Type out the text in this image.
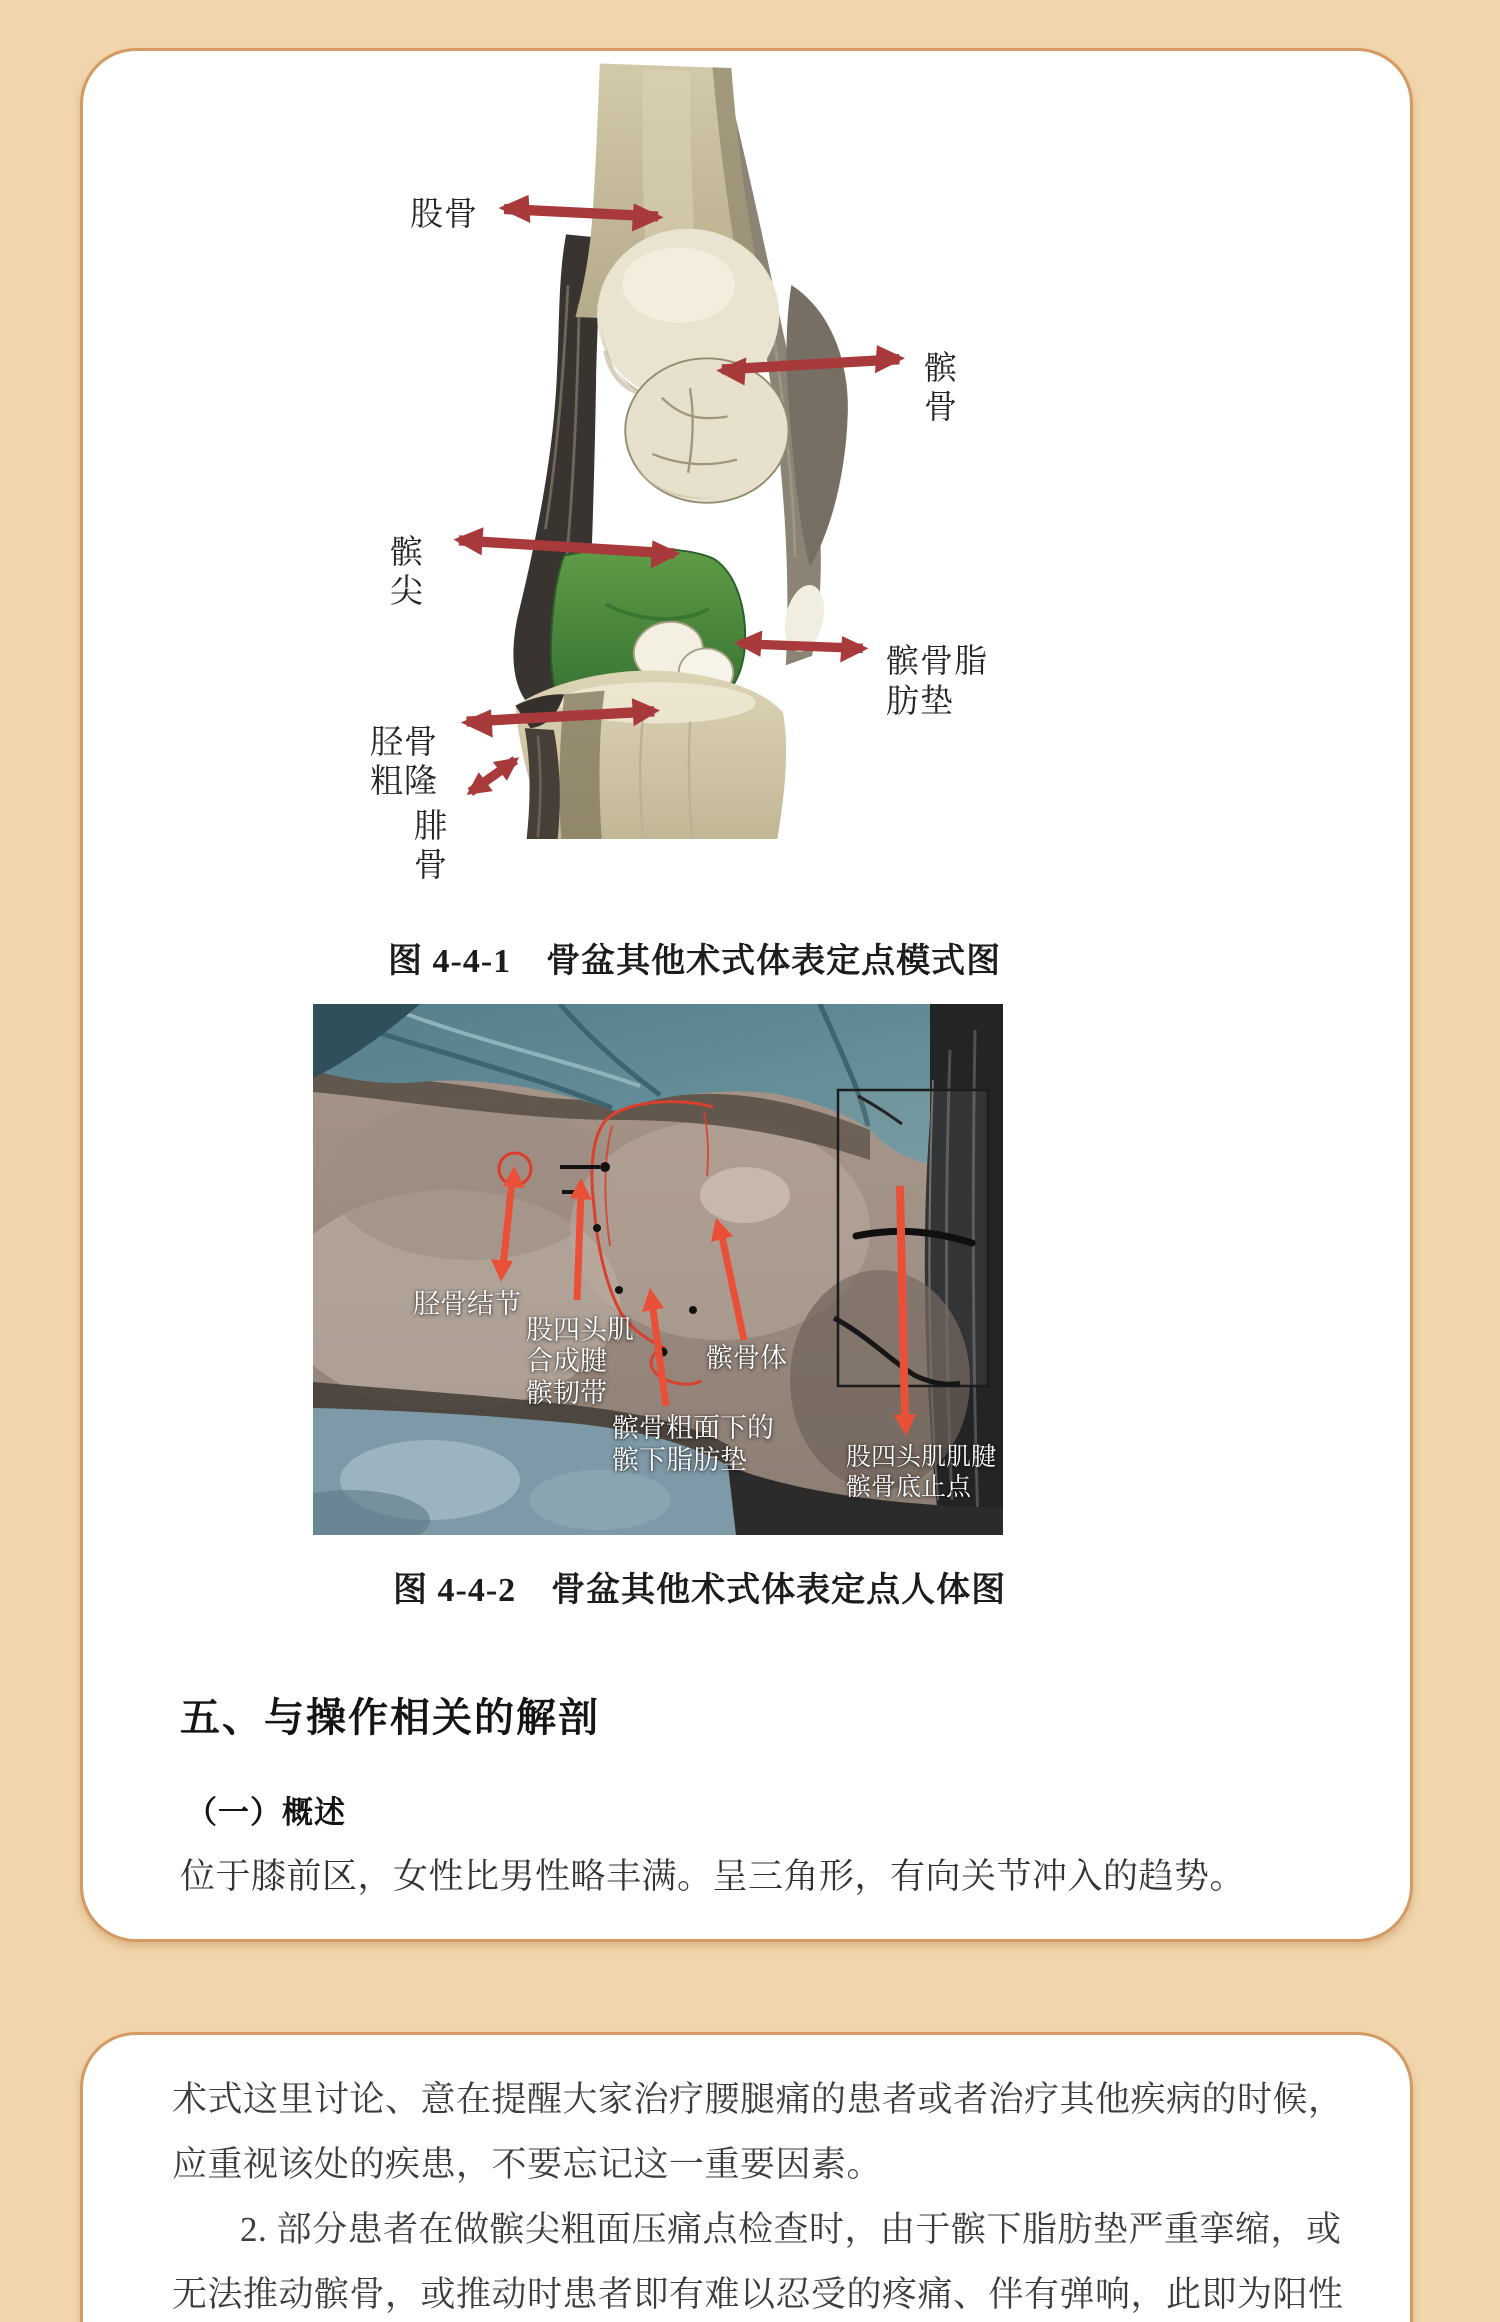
股骨
髌骨
髌尖
髌骨脂肪垫
胫骨粗隆
腓骨
图 4-4-1　骨盆其他术式体表定点模式图
胫骨结节
股四头肌
合成腱
髌韧带
髌骨体
髌骨粗面下的髌下脂肪垫	股四头肌肌腱髌骨底止点
图 4-4-2　骨盆其他术式体表定点人体图
五、与操作相关的解剖
（一）概述
位于膝前区，女性比男性略丰满。呈三角形，有向关节冲入的趋势。
术式这里讨论、意在提醒大家治疗腰腿痛的患者或者治疗其他疾病的时候，
应重视该处的疾患，不要忘记这一重要因素。
2. 部分患者在做髌尖粗面压痛点检查时，由于髌下脂肪垫严重挛缩，或
无法推动髌骨，或推动时患者即有难以忍受的疼痛、伴有弹响，此即为阳性
